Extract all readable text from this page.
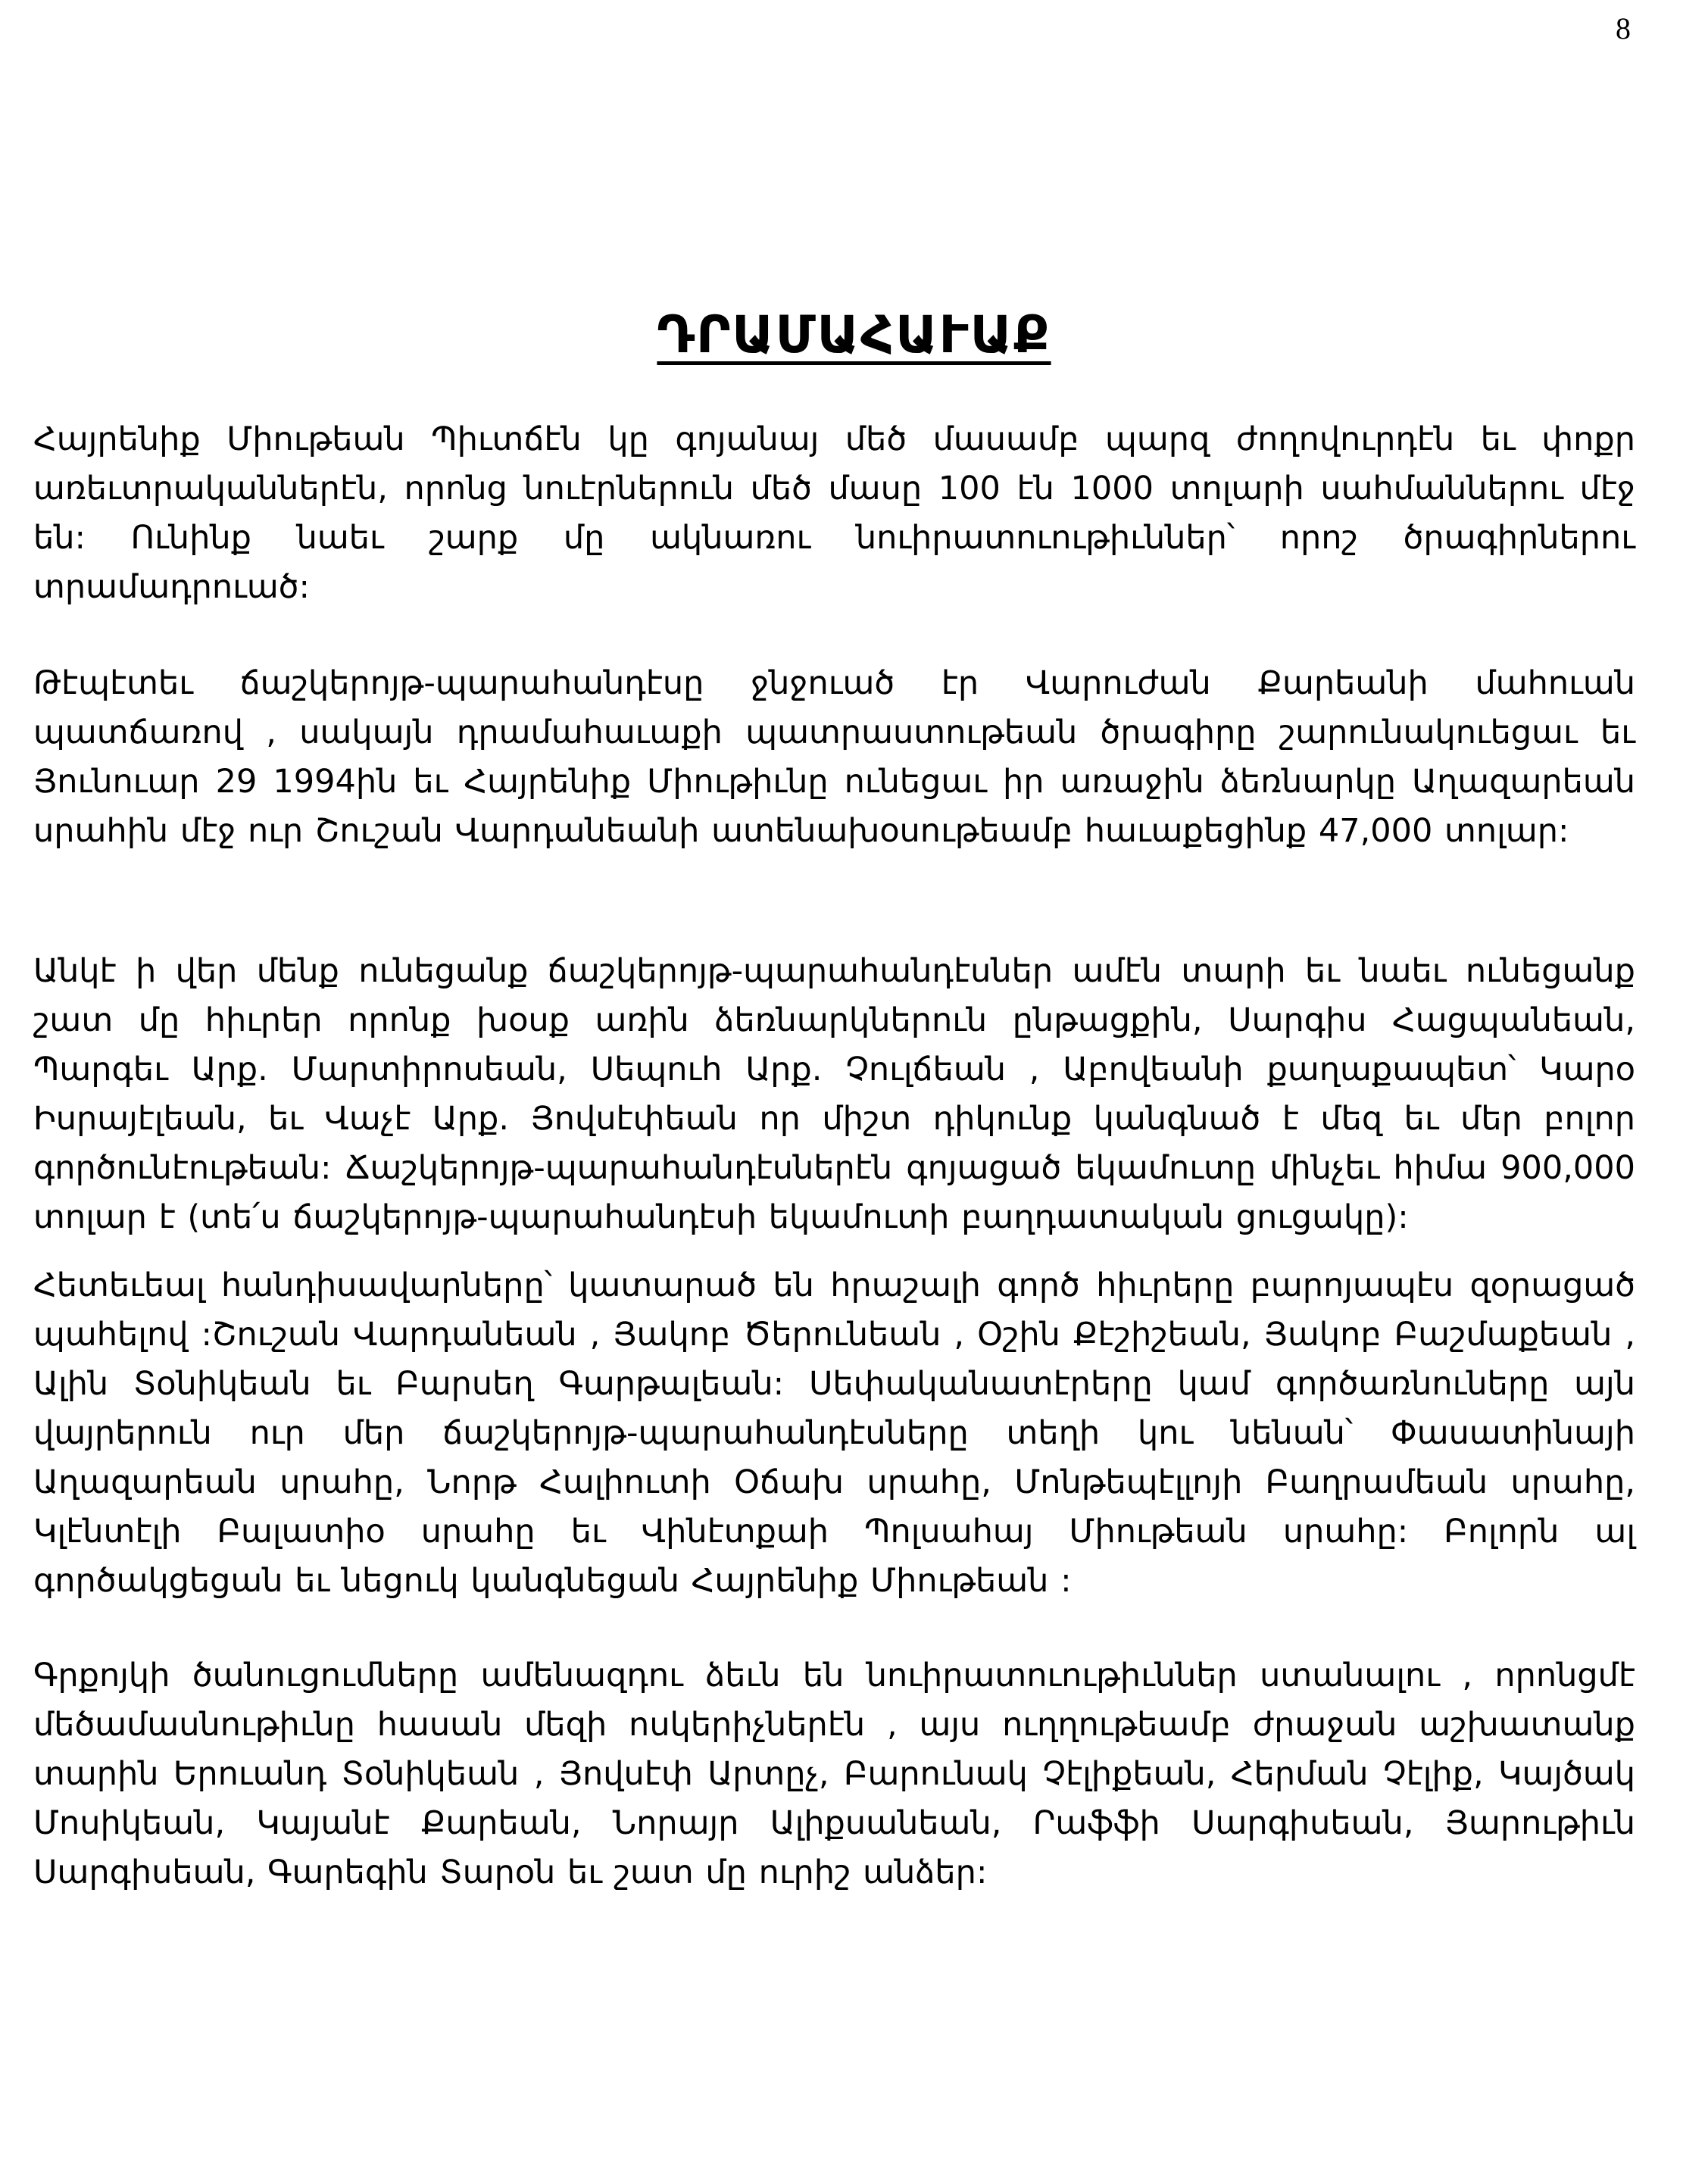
8
ԴՐԱՄԱՀԱՒԱՔ

Հայրենիք Միութեան Պիւտճէն կը գոյանայ մեծ մասամբ պարզ ժողովուրդէն եւ փոքր առեւտրականներէն, որոնց նուէրներուն մեծ մասը 100 էն 1000 տոլարի սահմաններու մէջ են: Ունինք նաեւ շարք մը ակնառու նուիրատուութիւններ՝ որոշ ծրագիրներու տրամադրուած:

Թէպէտեւ ճաշկերոյթ-պարահանդէսը ջնջուած էր Վարուժան Քարեանի մահուան պատճառով , սակայն դրամահաւաքի պատրաստութեան ծրագիրը շարունակուեցաւ եւ Յունուար 29 1994ին եւ Հայրենիք Միութիւնը ունեցաւ իր առաջին ձեռնարկը Աղազարեան սրահին մէջ ուր Շուշան Վարդանեանի ատենախօսութեամբ հաւաքեցինք 47,000 տոլար:

Անկէ ի վեր մենք ունեցանք ճաշկերոյթ-պարահանդէսներ ամէն տարի եւ նաեւ ունեցանք շատ մը հիւրեր որոնք խօսք առին ձեռնարկներուն ընթացքին, Սարգիս Հացպանեան, Պարգեւ Արք. Մարտիրոսեան, Սեպուհ Արք. Չուլճեան , Աբովեանի քաղաքապետ՝ Կարօ Իսրայէլեան, եւ Վաչէ Արք. Յովսէփեան որ միշտ դիկունք կանգնած է մեզ եւ մեր բոլոր գործունէութեան: Ճաշկերոյթ-պարահանդէսներէն գոյացած եկամուտը մինչեւ հիմա 900,000 տոլար է (տե՛ս ճաշկերոյթ-պարահանդէսի եկամուտի բաղդատական ցուցակը):

Հետեւեալ հանդիսավարները՝ կատարած են հրաշալի գործ հիւրերը բարոյապէս զօրացած պահելով :Շուշան Վարդանեան , Յակոբ Ծերունեան , Օշին Քէշիշեան, Յակոբ Բաշմաքեան , Ալին Տօնիկեան եւ Բարսեղ Գարթալեան: Սեփականատէրերը կամ գործառնուները այն վայրերուն ուր մեր ճաշկերոյթ-պարահանդէսները տեղի կու նենան՝ Փասատինայի Աղազարեան սրահը, Նորթ Հալիուտի Օճախ սրահը, Մոնթեպէլլոյի Բաղրամեան սրահը, Կլէնտէլի Բալատիօ սրահը եւ Վինէտքաի Պոլսահայ Միութեան սրահը: Բոլորն ալ գործակցեցան եւ նեցուկ կանգնեցան Հայրենիք Միութեան :

Գրքոյկի ծանուցումները ամենազդու ձեւն են նուիրատուութիւններ ստանալու , որոնցմէ մեծամասնութիւնը հասան մեզի ոսկերիչներէն , այս ուղղութեամբ ժրաջան աշխատանք տարին Երուանդ Տօնիկեան , Յովսէփ Արտըչ, Բարունակ Չէլիքեան, Հերման Չէլիք, Կայծակ Մոսիկեան, Կայանէ Քարեան, Նորայր Ալիքսանեան, Րաֆֆի Սարգիսեան, Յարութիւն Սարգիսեան, Գարեգին Տարօն եւ շատ մը ուրիշ անձեր:
